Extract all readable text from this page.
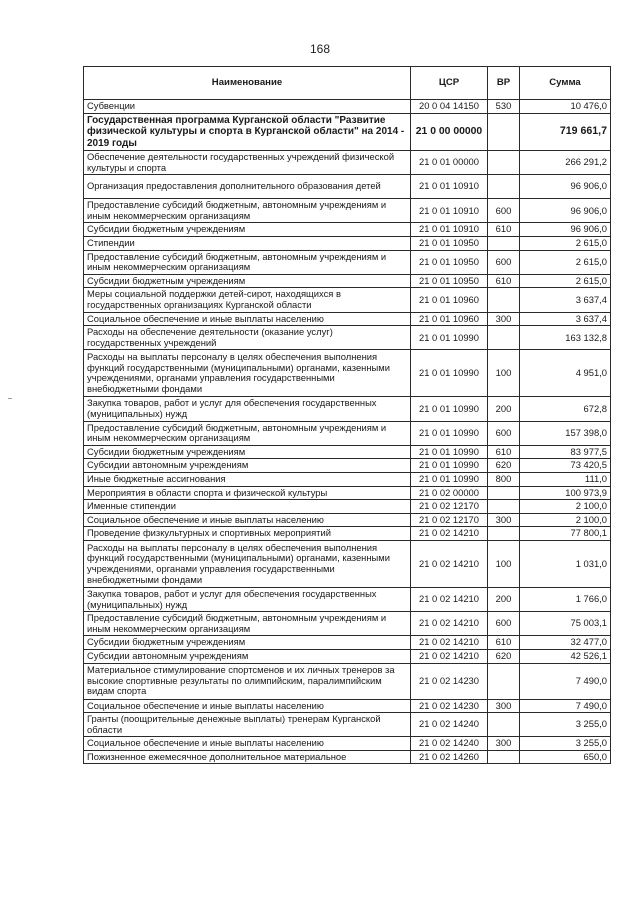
168
Наименование	ЦСР	ВР	Сумма
Субвенции	20 0 04 14150	530	10 476,0
Государственная программа Курганской области "Развитие физической культуры и спорта в Курганской области" на 2014 - 2019 годы	21 0 00 00000		719 661,7
Обеспечение деятельности государственных учреждений физической культуры и спорта	21 0 01 00000		266 291,2
Организация предоставления дополнительного образования детей	21 0 01 10910		96 906,0
Предоставление субсидий бюджетным, автономным учреждениям и иным некоммерческим организациям	21 0 01 10910	600	96 906,0
Субсидии бюджетным учреждениям	21 0 01 10910	610	96 906,0
Стипендии	21 0 01 10950		2 615,0
Предоставление субсидий бюджетным, автономным учреждениям и иным некоммерческим организациям	21 0 01 10950	600	2 615,0
Субсидии бюджетным учреждениям	21 0 01 10950	610	2 615,0
Меры социальной поддержки детей-сирот, находящихся в государственных организациях Курганской области	21 0 01 10960		3 637,4
Социальное обеспечение и иные выплаты населению	21 0 01 10960	300	3 637,4
Расходы на обеспечение деятельности (оказание услуг) государственных учреждений	21 0 01 10990		163 132,8
Расходы на выплаты персоналу в целях обеспечения выполнения функций государственными (муниципальными) органами, казенными учреждениями, органами управления государственными внебюджетными фондами	21 0 01 10990	100	4 951,0
Закупка товаров, работ и услуг для обеспечения государственных (муниципальных) нужд	21 0 01 10990	200	672,8
Предоставление субсидий бюджетным, автономным учреждениям и иным некоммерческим организациям	21 0 01 10990	600	157 398,0
Субсидии бюджетным учреждениям	21 0 01 10990	610	83 977,5
Субсидии автономным учреждениям	21 0 01 10990	620	73 420,5
Иные бюджетные ассигнования	21 0 01 10990	800	111,0
Мероприятия в области спорта и физической культуры	21 0 02 00000		100 973,9
Именные стипендии	21 0 02 12170		2 100,0
Социальное обеспечение и иные выплаты населению	21 0 02 12170	300	2 100,0
Проведение физкультурных и спортивных мероприятий	21 0 02 14210		77 800,1
Расходы на выплаты персоналу в целях обеспечения выполнения функций государственными (муниципальными) органами, казенными учреждениями, органами управления государственными внебюджетными фондами	21 0 02 14210	100	1 031,0
Закупка товаров, работ и услуг для обеспечения государственных (муниципальных) нужд	21 0 02 14210	200	1 766,0
Предоставление субсидий бюджетным, автономным учреждениям и иным некоммерческим организациям	21 0 02 14210	600	75 003,1
Субсидии бюджетным учреждениям	21 0 02 14210	610	32 477,0
Субсидии автономным учреждениям	21 0 02 14210	620	42 526,1
Материальное стимулирование спортсменов и их личных тренеров за высокие спортивные результаты по олимпийским, паралимпийским видам спорта	21 0 02 14230		7 490,0
Социальное обеспечение и иные выплаты населению	21 0 02 14230	300	7 490,0
Гранты (поощрительные денежные выплаты) тренерам Курганской области	21 0 02 14240		3 255,0
Социальное обеспечение и иные выплаты населению	21 0 02 14240	300	3 255,0
Пожизненное ежемесячное дополнительное материальное	21 0 02 14260		650,0
